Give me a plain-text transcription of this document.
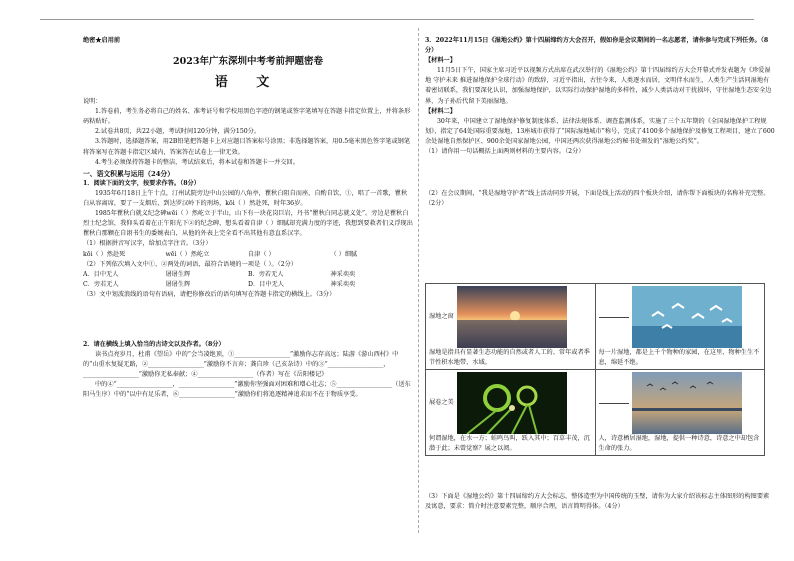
绝密★启用前
2023年广东深圳中考考前押题密卷
语 文
说明：
1.答卷前，考生务必将自己的姓名、准考证号和学校用黑色字迹的钢笔或签字笔填写在答题卡指定位置上，并将条形码粘贴好。
2.试卷共8页，共22小题，考试时间120分钟，满分150分。
3.答题时，选择题答案，用2B铅笔把答题卡上对应题目答案标号涂黑；非选择题答案，用0.5毫米黑色签字笔或钢笔将答案写在答题卡指定区域内，答案答在试卷上一律无效。
4.考生必须保持答题卡的整洁，考试结束后，将本试卷和答题卡一并交回。
一、语文积累与运用（24分）
1．阅读下面的文字，按要求作答。（8分）
1935年6月18日上午十点，汀州试院旁边中山公园的八角亭，瞿秋白阻自而座，自酌自饮，①，唱了一首歌，瞿秋白从容离席，要了一支烟后，到达罗汉岭下的刑场，kōi（ ）然赴死，时年36岁。
1985年瞿秋白就义纪念碑wēi（ ）然屹立于半山，山下有一块花岗巨岩，丹书“瞿秋白同志就义处”。旁边是瞿秋白烈士纪念馆，我仰头看着在正午阳光下②的纪念碑，想头看着自津（ ）细腻却充满力度的字迹，我想到要救者们义浮现出瞿秋白那颗在自诩书生的委婉表白，从他的外表上完全看不出其他有意直系汉字。
（1）根据拼音写汉字，给加点字注音。（3分）
kōi（ ）然赴死	wēi（ ）然屹立	自津（ ）	（ ）细腻
（2）下列依次填入文中①、②两处的词语，最符合语境的一项是（ ）。（2分）
A．目中无人	屠屠生辉	B．旁若无人	神采奕奕
C．旁若无人	屠屠生辉	D．目中无人	神采奕奕
（3）文中划波浪线的语句有语病，请把你修改后的语句填写在答题卡指定的横线上。（3分）
2．请在横线上填入恰当的古诗文以及作者。（8分）
读书点亮岁月，杜甫《望岳》中的“会当凌绝顶，①__________________”激励你志存高远；陆游《游山西村》中的“山重水复疑无路，②__________________”激励你不言弃；龚自珍（己亥杂诗）中的③“__________________，__________________”激励你无私奉献；④__________________（作者）写在《岳阳楼记》
中的④“__________________，__________________”激励你坚强面对困难和增心壮志；⑤__________________（送东阳马生序）中的“以中有足乐者，⑥__________________”激励你们将追逐精神追求而不在于物质享受。
3．2022年11月15日《湿地公约》第十四届缔约方大会召开，假如你是会议期间的一名志愿者，请你参与完成下列任务。（8分）
【材料一】
11月5日下午，国家主席习近平以视频方式出席在武汉举行的《湿地公约》第十四届缔约方大会开幕式并发表题为《珍爱湿地 守护未来 推进湿地保护全球行动》的致辞，习近平指出，古往今来，人类逐水而居，文明伴水而生，人类生产生活同湿地有着密切联系，我们要深化认识，加强湿地保护，以实际行动保护湿地的多样性，减少人类活动对干扰损坏，守住湿地生态安全边界，为子孙后代留下美丽湿地。
【材料二】
30年来，中国建立了湿地保护修复制度体系、法律法规体系、调查监测体系，实施了三个五年期的《全国湿地保护工程规划》，指定了64处国际重要湿地，13座城市获得了“国际湿地城市”称号，完成了4100多个湿地保护及修复工程项目，建立了600余处湿地自然保护区、900余处国家湿地公园，中国还两次获得湿地公约秘书处颁发的“湿地公约奖”。
（1）请你用一句话概括上面两则材料的主要内容。（2分）
（2）在会议期间，“我是湿地守护者”线上活动同步开展，下面是线上活动的四个板块介绍，请你帮下面板块的名称补充完整。（2分）
湿地之窗
湿地是指具有显著生态功能的自然或者人工的、常年或者季节性积水地带、水域。	每一片湿地，都是上千个物种的家园，在这里，物种生生不息，绵延不绝。

展卷之美
何谓湿地，在水一方；蛙鸣鸟叫，跃入其中；百草丰茂，沉潜于此；未曾觉察？展之以阅。	人，诗意栖居湿地，湿地，提供一种诗意，诗意之中却包含生命的张力。
（3）下面是《湿地公约》第十四届缔约方大会标志，整体造型为中国传统的玉璧，请你为大家介绍该标志主体图形的构图要素及寓意，要求：简介时注意要素完整，顺序合理，语言简明得体。（4分）
